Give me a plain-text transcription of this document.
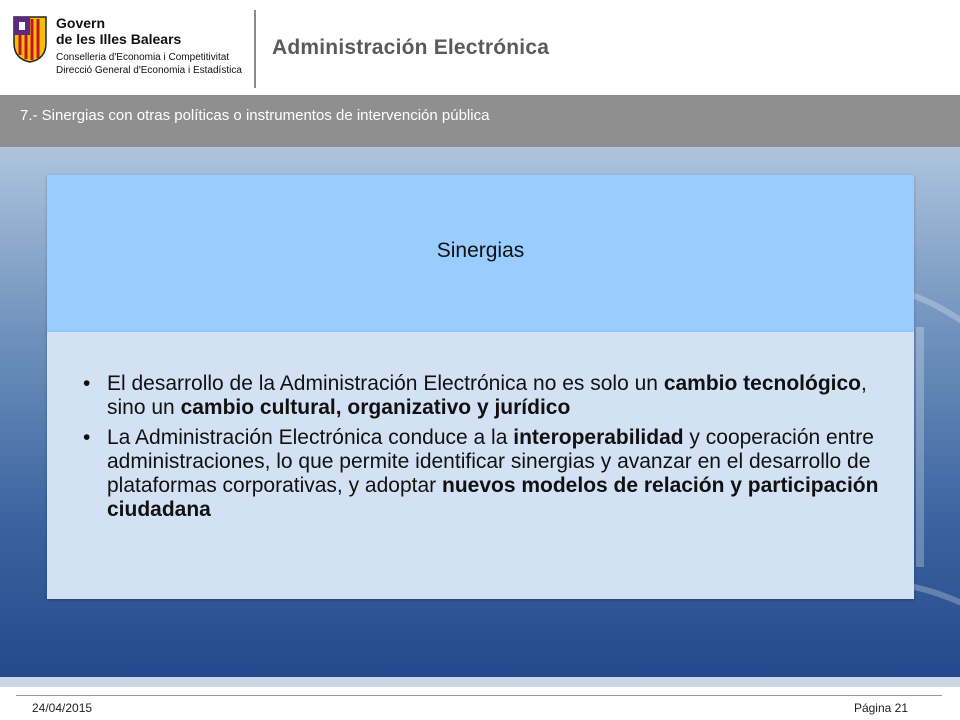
Govern
de les Illes Balears
Conselleria d'Economia i Competitivitat
Direcció General d'Economia i Estadística
Administración Electrónica
7.- Sinergias con otras políticas o instrumentos de intervención pública
Sinergias
• El desarrollo de la Administración Electrónica no es solo un cambio tecnológico, sino un cambio cultural, organizativo y jurídico
• La Administración Electrónica conduce a la interoperabilidad y cooperación entre administraciones, lo que permite identificar sinergias y avanzar en el desarrollo de plataformas corporativas, y adoptar nuevos modelos de relación y participación ciudadana
24/04/2015	Página 21
